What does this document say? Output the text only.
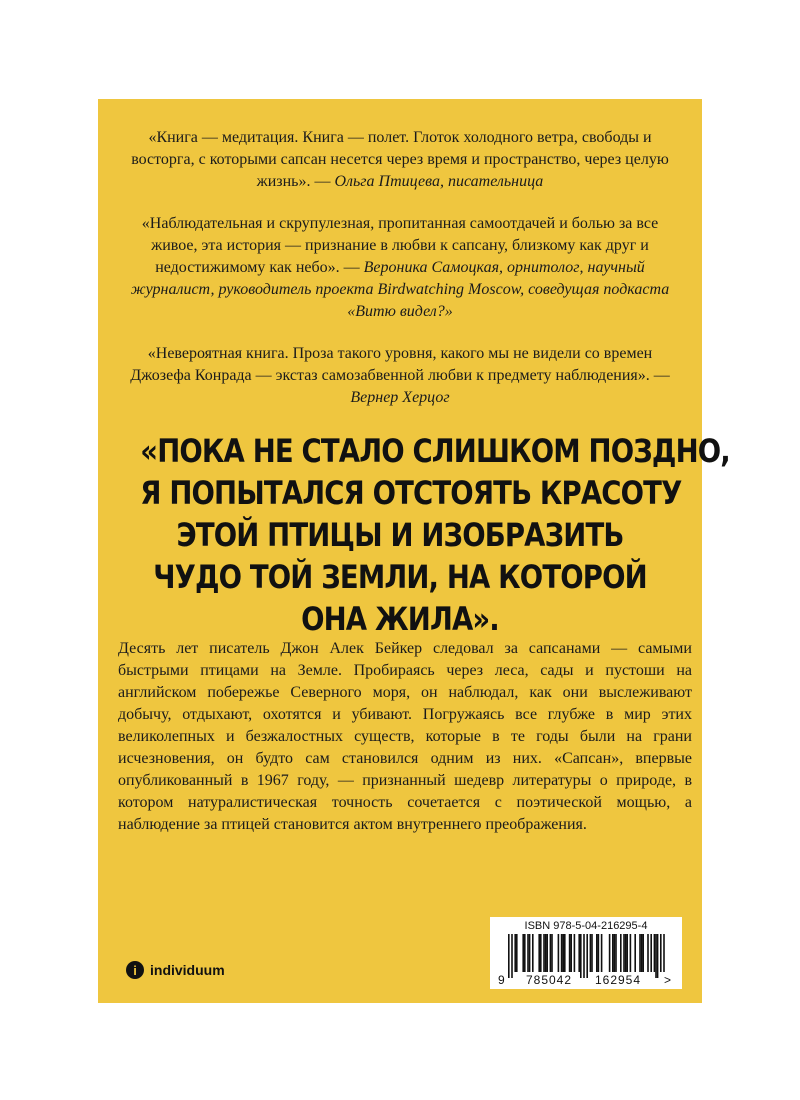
«Книга — медитация. Книга — полет. Глоток холодного ветра, свободы и восторга, с которыми сапсан несется через время и пространство, через целую жизнь». — Ольга Птицева, писательница

«Наблюдательная и скрупулезная, пропитанная самоотдачей и болью за все живое, эта история — признание в любви к сапсану, близкому как друг и недостижимому как небо». — Вероника Самоцкая, орнитолог, научный журналист, руководитель проекта Birdwatching Moscow, соведущая подкаста «Витю видел?»

«Невероятная книга. Проза такого уровня, какого мы не видели со времен Джозефа Конрада — экстаз самозабвенной любви к предмету наблюдения». —Вернер Херцог

«ПОКА НЕ СТАЛО СЛИШКОМ ПОЗДНО,
Я ПОПЫТАЛСЯ ОТСТОЯТЬ КРАСОТУ
ЭТОЙ ПТИЦЫ И ИЗОБРАЗИТЬ
ЧУДО ТОЙ ЗЕМЛИ, НА КОТОРОЙ
ОНА ЖИЛА».

Десять лет писатель Джон Алек Бейкер следовал за сапсанами — самыми быстрыми птицами на Земле. Пробираясь через леса, сады и пустоши на английском побережье Северного моря, он наблюдал, как они выслеживают добычу, отдыхают, охотятся и убивают. Погружаясь все глубже в мир этих великолепных и безжалостных существ, которые в те годы были на грани исчезновения, он будто сам становился одним из них. «Сапсан», впервые опубликованный в 1967 году, — признанный шедевр литературы о природе, в котором натуралистическая точность сочетается с поэтической мощью, а наблюдение за птицей становится актом внутреннего преображения.

i individuum
ISBN 978-5-04-216295-4
9 785042 162954 >
